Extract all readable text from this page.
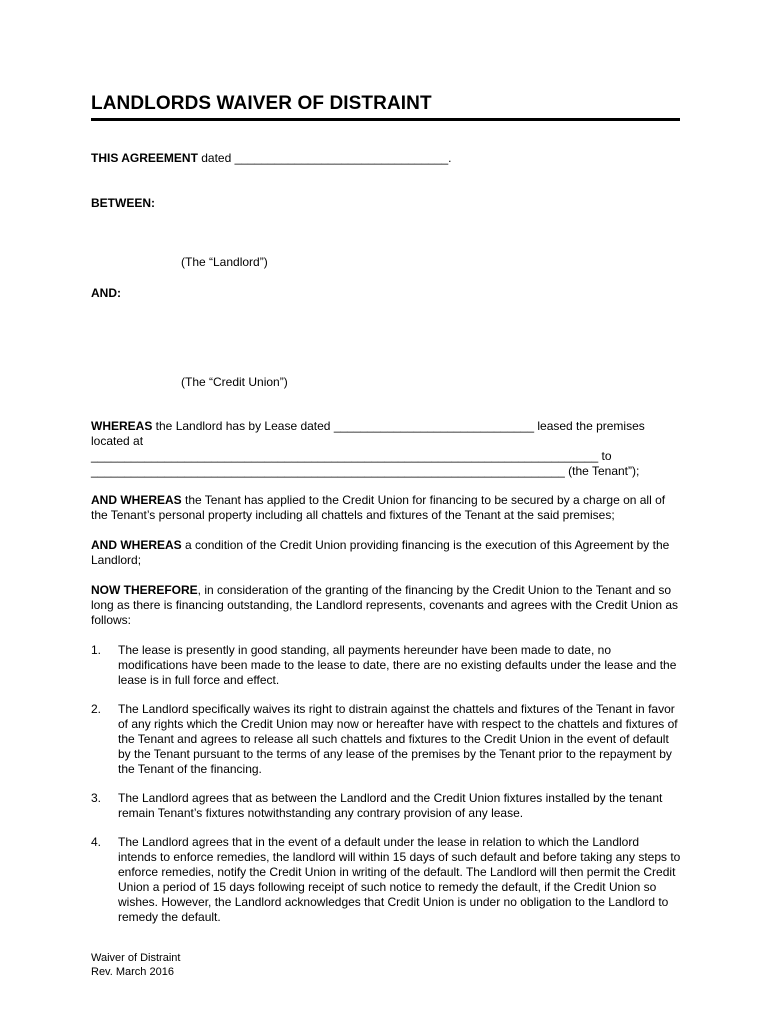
LANDLORDS WAIVER OF DISTRAINT
THIS AGREEMENT dated ________________________________.
BETWEEN:
(The “Landlord”)
AND:
(The “Credit Union”)
WHEREAS the Landlord has by Lease dated ______________________________ leased the premises located at
____________________________________________________________________________ to
_______________________________________________________________________ (the Tenant”);
AND WHEREAS the Tenant has applied to the Credit Union for financing to be secured by a charge on all of the Tenant’s personal property including all chattels and fixtures of the Tenant at the said premises;
AND WHEREAS a condition of the Credit Union providing financing is the execution of this Agreement by the Landlord;
NOW THEREFORE, in consideration of the granting of the financing by the Credit Union to the Tenant and so long as there is financing outstanding, the Landlord represents, covenants and agrees with the Credit Union as follows:
1. The lease is presently in good standing, all payments hereunder have been made to date, no modifications have been made to the lease to date, there are no existing defaults under the lease and the lease is in full force and effect.
2. The Landlord specifically waives its right to distrain against the chattels and fixtures of the Tenant in favor of any rights which the Credit Union may now or hereafter have with respect to the chattels and fixtures of the Tenant and agrees to release all such chattels and fixtures to the Credit Union in the event of default by the Tenant pursuant to the terms of any lease of the premises by the Tenant prior to the repayment by the Tenant of the financing.
3. The Landlord agrees that as between the Landlord and the Credit Union fixtures installed by the tenant remain Tenant’s fixtures notwithstanding any contrary provision of any lease.
4. The Landlord agrees that in the event of a default under the lease in relation to which the Landlord intends to enforce remedies, the landlord will within 15 days of such default and before taking any steps to enforce remedies, notify the Credit Union in writing of the default. The Landlord will then permit the Credit Union a period of 15 days following receipt of such notice to remedy the default, if the Credit Union so wishes. However, the Landlord acknowledges that Credit Union is under no obligation to the Landlord to remedy the default.
Waiver of Distraint
Rev. March 2016
